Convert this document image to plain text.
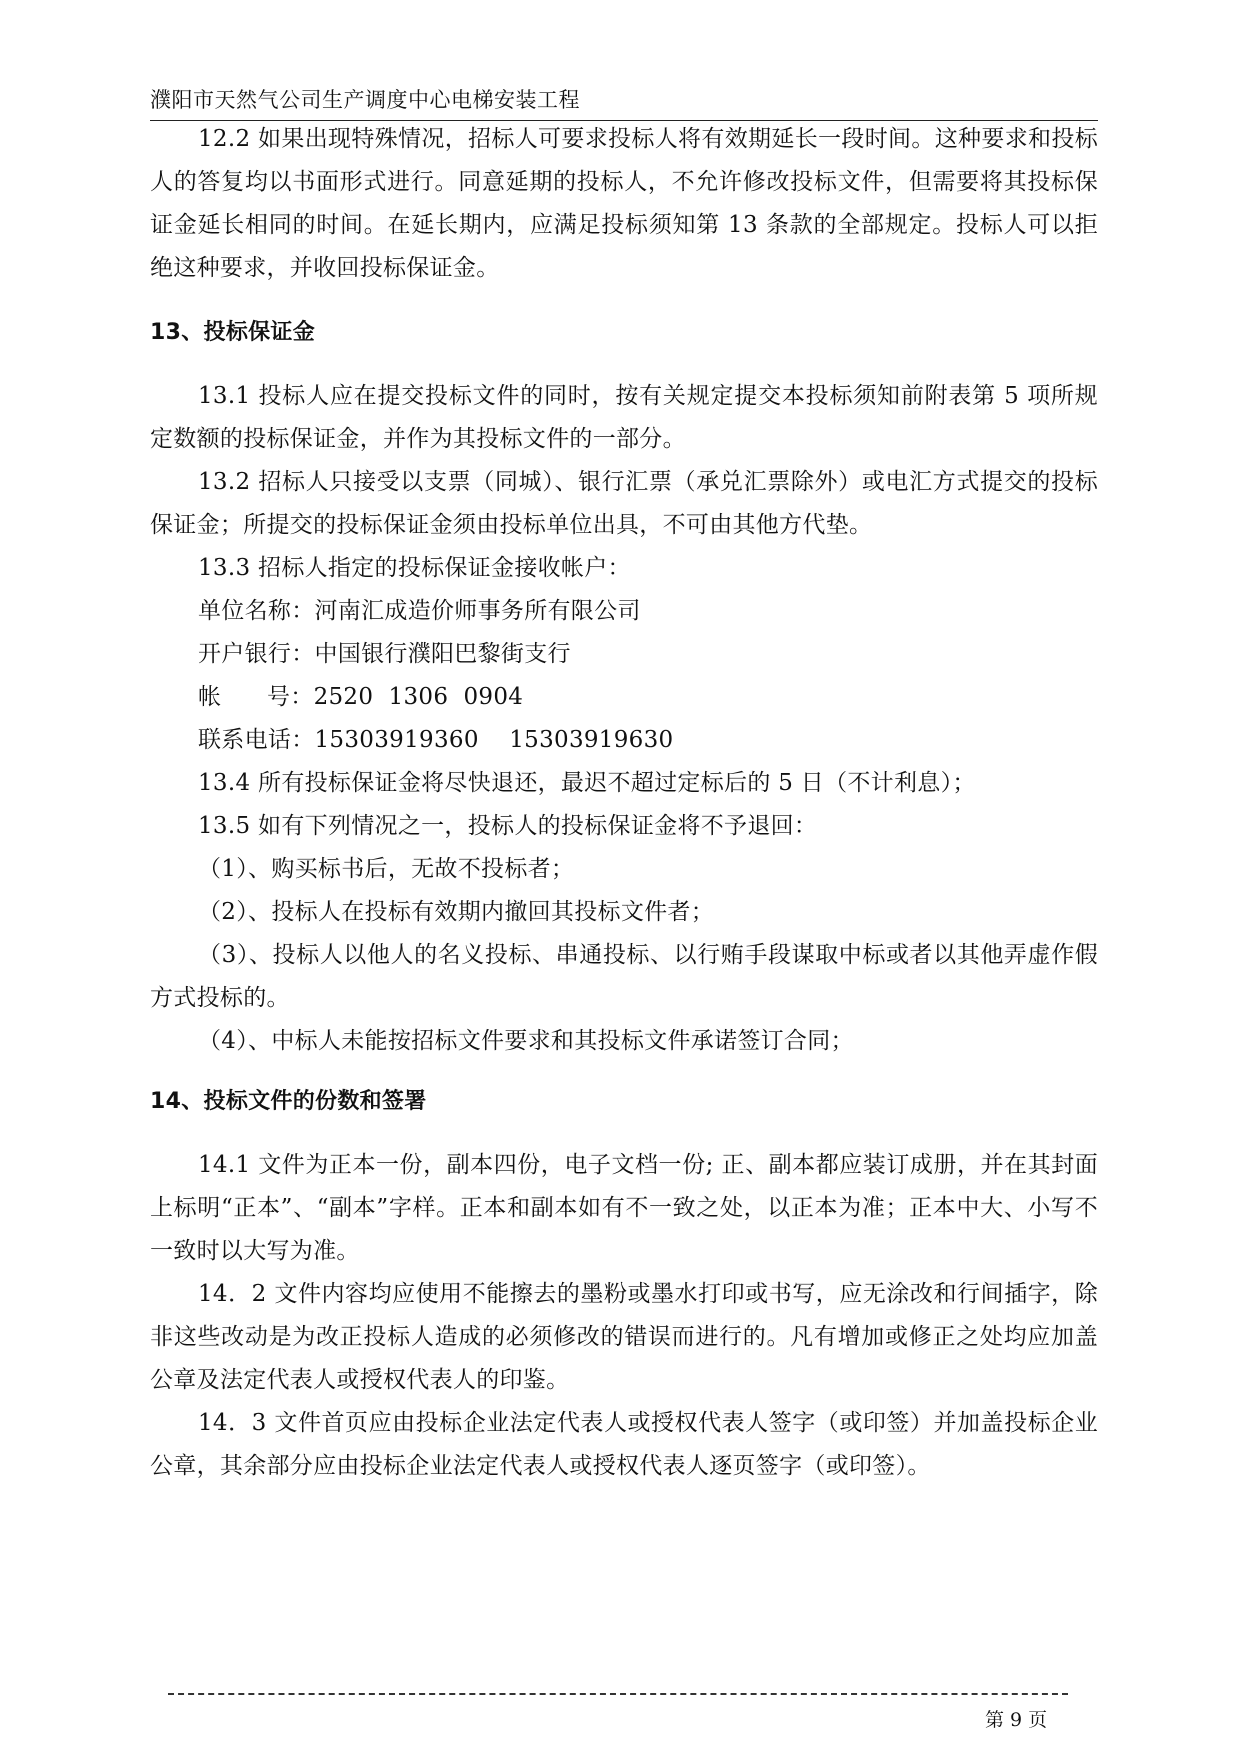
濮阳市天然气公司生产调度中心电梯安装工程

12.2 如果出现特殊情况，招标人可要求投标人将有效期延长一段时间。这种要求和投标人的答复均以书面形式进行。同意延期的投标人，不允许修改投标文件，但需要将其投标保证金延长相同的时间。在延长期内，应满足投标须知第 13 条款的全部规定。投标人可以拒绝这种要求，并收回投标保证金。

13、投标保证金

13.1 投标人应在提交投标文件的同时，按有关规定提交本投标须知前附表第 5 项所规定数额的投标保证金，并作为其投标文件的一部分。

13.2 招标人只接受以支票（同城）、银行汇票（承兑汇票除外）或电汇方式提交的投标保证金；所提交的投标保证金须由投标单位出具，不可由其他方代垫。

13.3 招标人指定的投标保证金接收帐户：

单位名称：河南汇成造价师事务所有限公司
开户银行：中国银行濮阳巴黎街支行
帐      号：2520  1306  0904
联系电话：15303919360    15303919630

13.4 所有投标保证金将尽快退还，最迟不超过定标后的 5 日（不计利息）；

13.5 如有下列情况之一，投标人的投标保证金将不予退回：

（1）、购买标书后，无故不投标者；

（2）、投标人在投标有效期内撤回其投标文件者；

（3）、投标人以他人的名义投标、串通投标、以行贿手段谋取中标或者以其他弄虚作假方式投标的。

（4）、中标人未能按招标文件要求和其投标文件承诺签订合同；

14、投标文件的份数和签署

14.1 文件为正本一份，副本四份，电子文档一份; 正、副本都应装订成册，并在其封面上标明“正本”、“副本”字样。正本和副本如有不一致之处，以正本为准；正本中大、小写不一致时以大写为准。

14．2 文件内容均应使用不能擦去的墨粉或墨水打印或书写，应无涂改和行间插字，除非这些改动是为改正投标人造成的必须修改的错误而进行的。凡有增加或修正之处均应加盖公章及法定代表人或授权代表人的印鉴。

14．3 文件首页应由投标企业法定代表人或授权代表人签字（或印签）并加盖投标企业公章，其余部分应由投标企业法定代表人或授权代表人逐页签字（或印签）。

第 9 页
